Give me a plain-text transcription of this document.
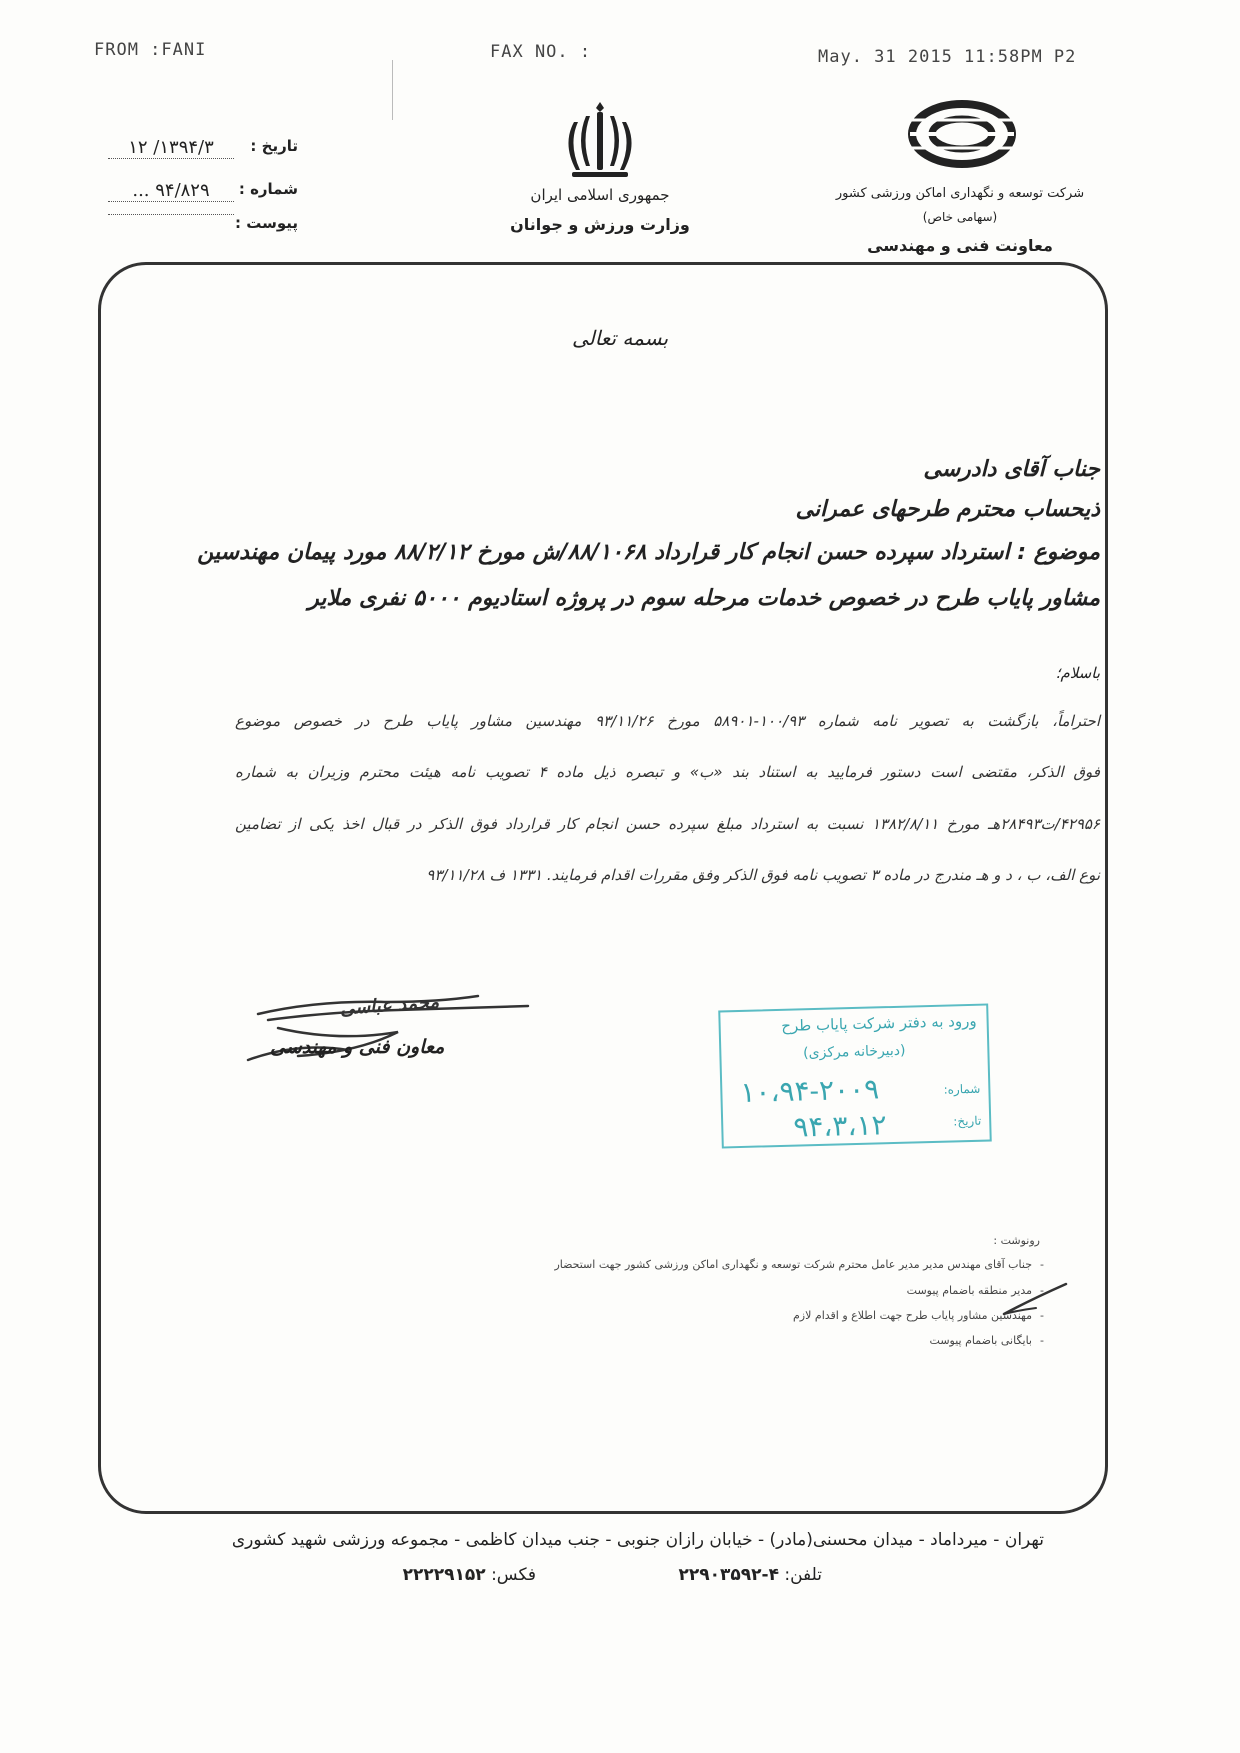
FROM :FANI	FAX NO. :	May. 31 2015 11:58PM P2
تاریخ :
۱۳۹۴/۳/ ۱۲
شماره :
۹۴/۸۲۹ ...
پیوست :
جمهوری اسلامی ایران
وزارت ورزش و جوانان
شرکت توسعه و نگهداری اماکن ورزشی کشور
(سهامی خاص)
معاونت فنی و مهندسی
بسمه تعالی
جناب آقای دادرسی
ذیحساب محترم طرحهای عمرانی
موضوع : استرداد سپرده حسن انجام کار قرارداد ۸۸/۱۰۶۸/ش مورخ ۸۸/۲/۱۲ مورد پیمان مهندسین
مشاور پایاب طرح در خصوص خدمات مرحله سوم در پروژه استادیوم ۵۰۰۰ نفری ملایر
باسلام؛
احتراماً، بازگشت به تصویر نامه شماره ۱۰۰/۹۳-۵۸۹۰۱ مورخ ۹۳/۱۱/۲۶ مهندسین مشاور پایاب طرح در خصوص موضوع
فوق الذکر، مقتضی است دستور فرمایید به استناد بند «ب» و تبصره ذیل ماده ۴ تصویب نامه هیئت محترم وزیران به شماره
۴۲۹۵۶/ت۲۸۴۹۳هـ مورخ ۱۳۸۲/۸/۱۱ نسبت به استرداد مبلغ سپرده حسن انجام کار قرارداد فوق الذکر در قبال اخذ یکی از تضامین
نوع الف، ب ، د و هـ مندرج در ماده ۳ تصویب نامه فوق الذکر وفق مقررات اقدام فرمایند. ۱۳۳۱ ف ۹۳/۱۱/۲۸
محمد عباسی
معاون فنی و مهندسی
ورود به دفتر شرکت پایاب طرح
(دبیرخانه مرکزی)
شماره:
۱۰،۹۴-۲۰۰۹
تاریخ:
۹۴،۳،۱۲
رونوشت :
جناب آقای مهندس مدیر مدیر عامل محترم شرکت توسعه و نگهداری اماکن ورزشی کشور جهت استحضار -
مدیر منطقه باضمام پیوست -
مهندسین مشاور پایاب طرح جهت اطلاع و اقدام لازم -
بایگانی باضمام پیوست -
تهران - میرداماد - میدان محسنی(مادر) - خیابان رازان جنوبی - جنب میدان کاظمی - مجموعه ورزشی شهید کشوری
تلفن: ۴-۲۲۹۰۳۵۹۲
فکس: ۲۲۲۲۹۱۵۲
